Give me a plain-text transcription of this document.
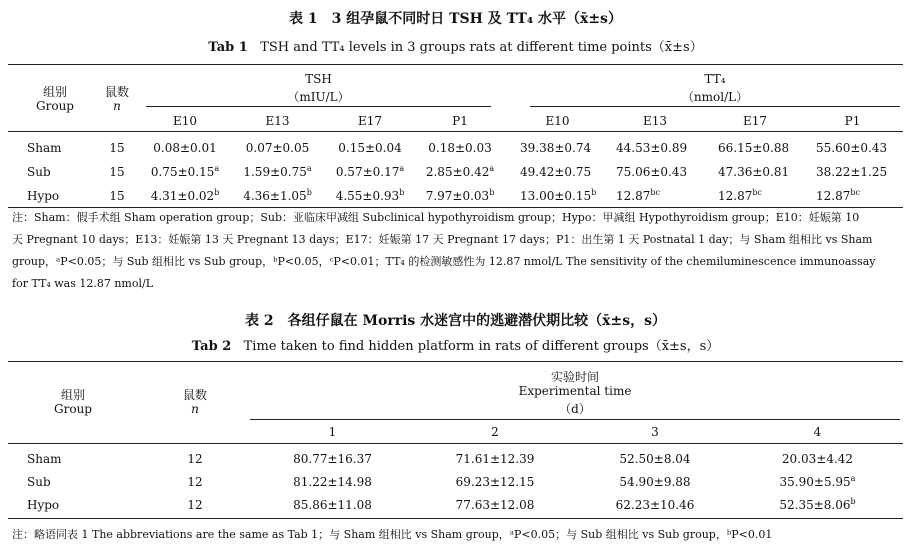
表 1　3 组孕鼠不同时日 TSH 及 TT₄ 水平（x̄±s）
Tab 1 TSH and TT₄ levels in 3 groups rats at different time points（x̄±s）
组别
Group
鼠数
n
TSH
（mIU/L）
TT₄
（nmol/L）
E10	E13	E17	P1	E10	E13	E17	P1
Sham	15	0.08±0.01	0.07±0.05	0.15±0.04	0.18±0.03	39.38±0.74 44.53±0.89	66.15±0.88 55.60±0.43
Sub	15	0.75±0.15$^a$	1.59±0.75$^a$	0.57±0.17$^a$	2.85±0.42$^a$	49.42±0.75 75.06±0.43	47.36±0.81 38.22±1.25
Hypo	15	4.31±0.02$^b$	4.36±1.05$^b$	4.55±0.93$^b$	7.97±0.03$^b$	13.00±0.15$^b$ 12.87$^{bc}$	12.87$^{bc}$	12.87$^{bc}$
注：Sham：假手术组 Sham operation group；Sub：亚临床甲减组 Subclinical hypothyroidism group；Hypo：甲减组 Hypothyroidism group；E10：妊娠第 10
天 Pregnant 10 days；E13：妊娠第 13 天 Pregnant 13 days；E17：妊娠第 17 天 Pregnant 17 days；P1：出生第 1 天 Postnatal 1 day；与 Sham 组相比 vs Sham
group，ᵃP<0.05；与 Sub 组相比 vs Sub group，ᵇP<0.05，ᶜP<0.01；TT₄ 的检测敏感性为 12.87 nmol/L The sensitivity of the chemiluminescence immunoassay
for TT₄ was 12.87 nmol/L
表 2　各组仔鼠在 Morris 水迷宫中的逃避潜伏期比较（x̄±s，s）
Tab 2 Time taken to find hidden platform in rats of different groups（x̄±s，s）
组别
Group
鼠数
n
实验时间
Experimental time
（d）
1	2	3	4
Sham	12	80.77±16.37	71.61±12.39	52.50±8.04	20.03±4.42
Sub	12	81.22±14.98	69.23±12.15	54.90±9.88	35.90±5.95$^a$
Hypo	12	85.86±11.08	77.63±12.08	62.23±10.46	52.35±8.06$^b$
注：略语同表 1 The abbreviations are the same as Tab 1；与 Sham 组相比 vs Sham group，ᵃP<0.05；与 Sub 组相比 vs Sub group，ᵇP<0.01
